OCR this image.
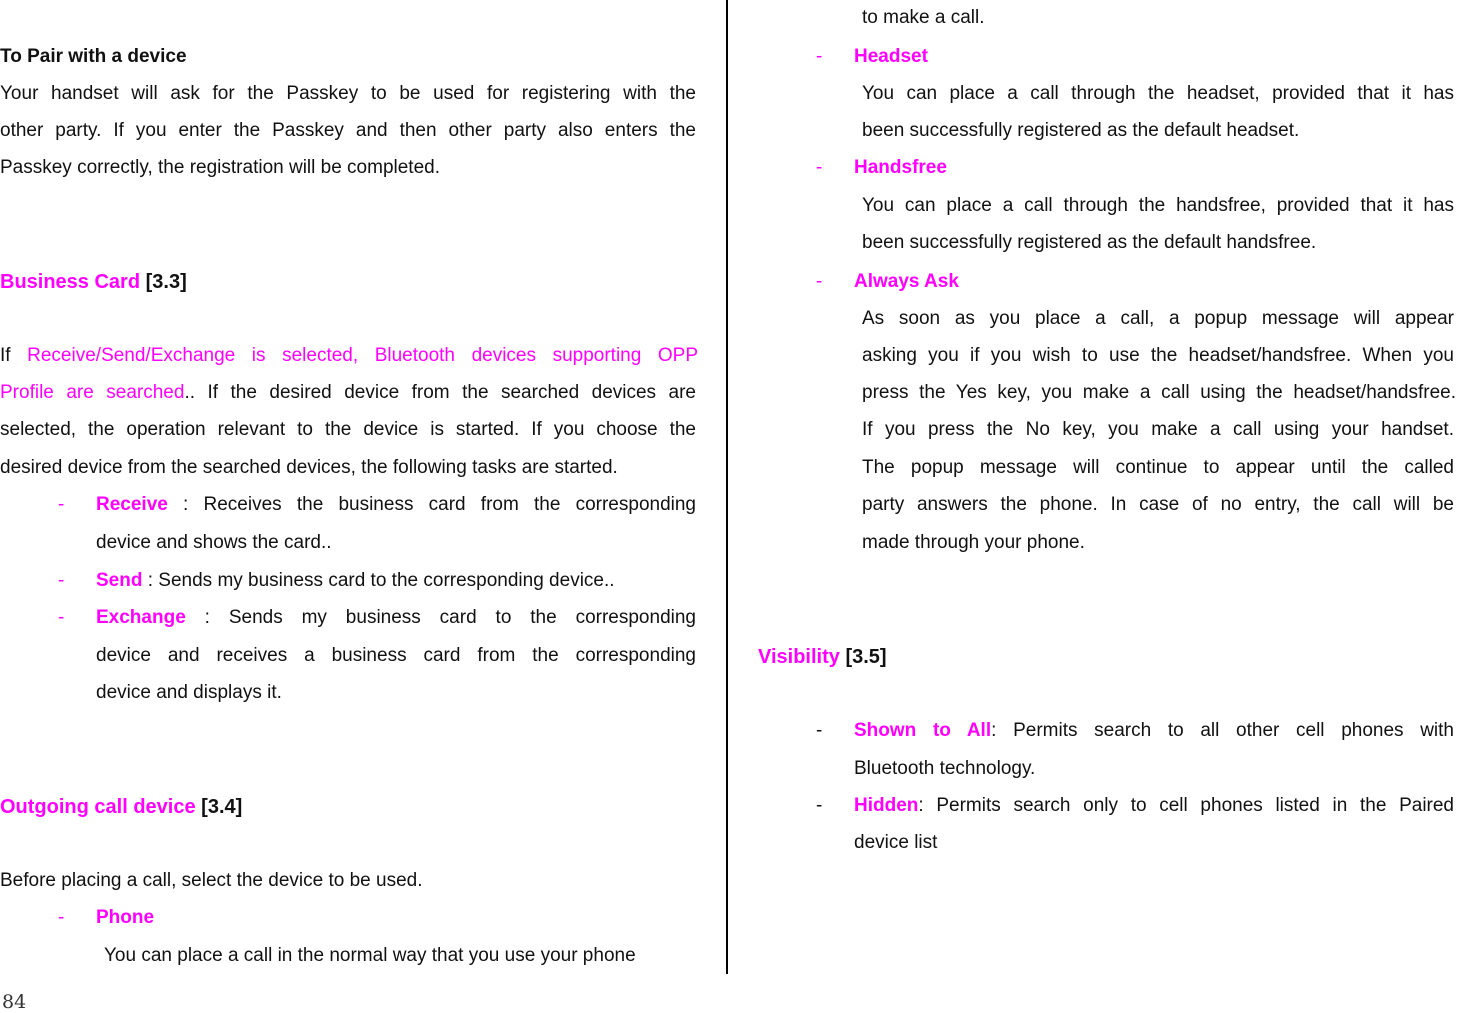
To Pair with a device
Your handset will ask for the Passkey to be used for registering with the
other party. If you enter the Passkey and then other party also enters the
Passkey correctly, the registration will be completed.
Business Card [3.3]
If Receive/Send/Exchange is selected, Bluetooth devices supporting OPP
Profile are searched.. If the desired device from the searched devices are
selected, the operation relevant to the device is started. If you choose the
desired device from the searched devices, the following tasks are started.
- Receive : Receives the business card from the corresponding
device and shows the card..
- Send : Sends my business card to the corresponding device..
- Exchange : Sends my business card to the corresponding
device and receives a business card from the corresponding
device and displays it.
Outgoing call device [3.4]
Before placing a call, select the device to be used.
- Phone
You can place a call in the normal way that you use your phone
to make a call.
- Headset
You can place a call through the headset, provided that it has
been successfully registered as the default headset.
- Handsfree
You can place a call through the handsfree, provided that it has
been successfully registered as the default handsfree.
- Always Ask
As soon as you place a call, a popup message will appear
asking you if you wish to use the headset/handsfree. When you
press the Yes key, you make a call using the headset/handsfree.
If you press the No key, you make a call using your handset.
The popup message will continue to appear until the called
party answers the phone. In case of no entry, the call will be
made through your phone.
Visibility [3.5]
- Shown to All: Permits search to all other cell phones with
Bluetooth technology.
- Hidden: Permits search only to cell phones listed in the Paired
device list
84
